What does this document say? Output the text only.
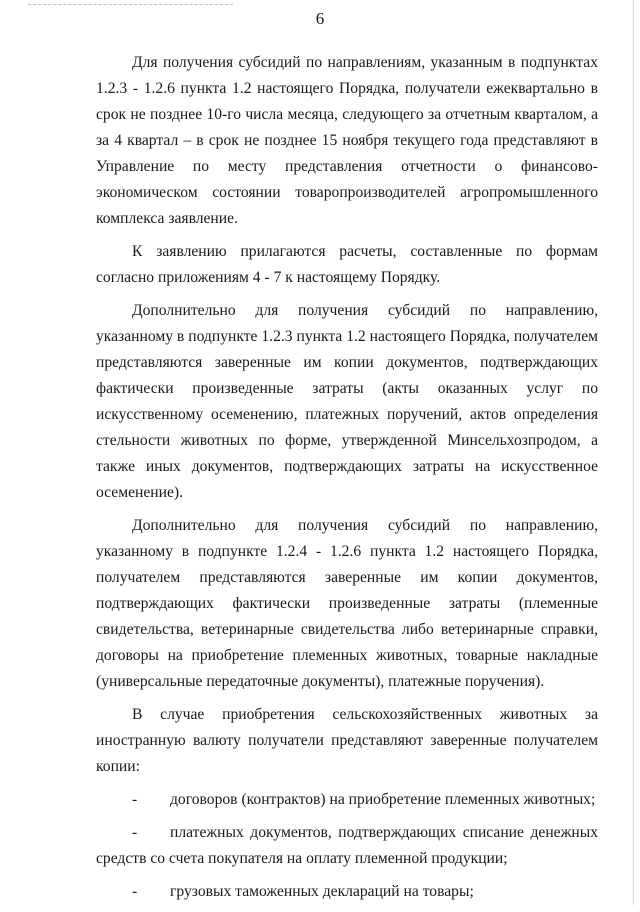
6

Для получения субсидий по направлениям, указанным в подпунктах 1.2.3 - 1.2.6 пункта 1.2 настоящего Порядка, получатели ежеквартально в срок не позднее 10-го числа месяца, следующего за отчетным кварталом, а за 4 квартал – в срок не позднее 15 ноября текущего года представляют в Управление по месту представления отчетности о финансово-экономическом состоянии товаропроизводителей агропромышленного комплекса заявление.

К заявлению прилагаются расчеты, составленные по формам согласно приложениям 4 - 7 к настоящему Порядку.

Дополнительно для получения субсидий по направлению, указанному в подпункте 1.2.3 пункта 1.2 настоящего Порядка, получателем представляются заверенные им копии документов, подтверждающих фактически произведенные затраты (акты оказанных услуг по искусственному осеменению, платежных поручений, актов определения стельности животных по форме, утвержденной Минсельхозпродом, а также иных документов, подтверждающих затраты на искусственное осеменение).

Дополнительно для получения субсидий по направлению, указанному в подпункте 1.2.4 - 1.2.6 пункта 1.2 настоящего Порядка, получателем представляются заверенные им копии документов, подтверждающих фактически произведенные затраты (племенные свидетельства, ветеринарные свидетельства либо ветеринарные справки, договоры на приобретение племенных животных, товарные накладные (универсальные передаточные документы), платежные поручения).

В случае приобретения сельскохозяйственных животных за иностранную валюту получатели представляют заверенные получателем копии:

- договоров (контрактов) на приобретение племенных животных;

- платежных документов, подтверждающих списание денежных средств со счета покупателя на оплату племенной продукции;

- грузовых таможенных деклараций на товары;
